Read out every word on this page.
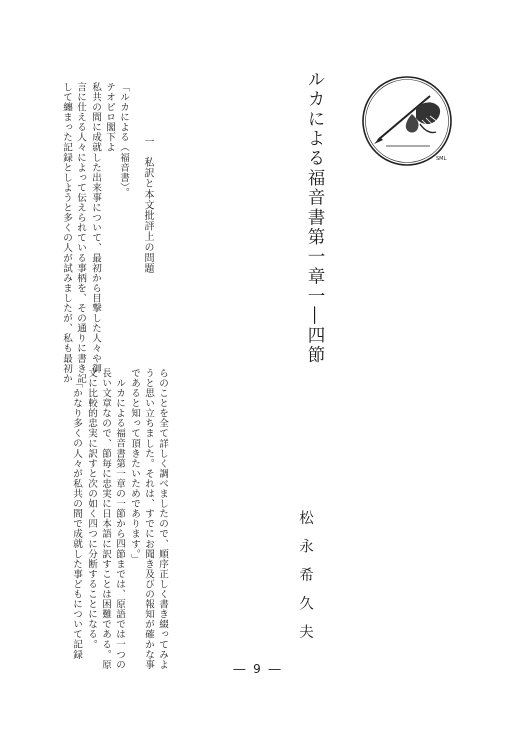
SML
ルカによる福音書第一章一―四節
松永希久夫
一　私訳と本文批評上の問題
「ルカによる（福音書）。
テオピロ閣下よ
私共の間に成就した出来事について、最初から目撃した人々や御
言に仕える人々によって伝えられている事柄を、その通りに書き記
して纏まった記録としようと多くの人が試みましたが、私も最初か
らのことを全て詳しく調べましたので、順序正しく書き綴ってみよ
うと思い立ちました。それは、すでにお聞き及びの報知が確かな事
であると知って頂きたいためであります。」
ルカによる福音書第一章の一節から四節までは、原語では一つの
長い文章なので、節毎に忠実に日本語に訳すことは困難である。原
文に比較的忠実に訳すと次の如く四つに分断することになる。
「かなり多くの人々が私共の間で成就した事どもについて記録
― 9 ―
